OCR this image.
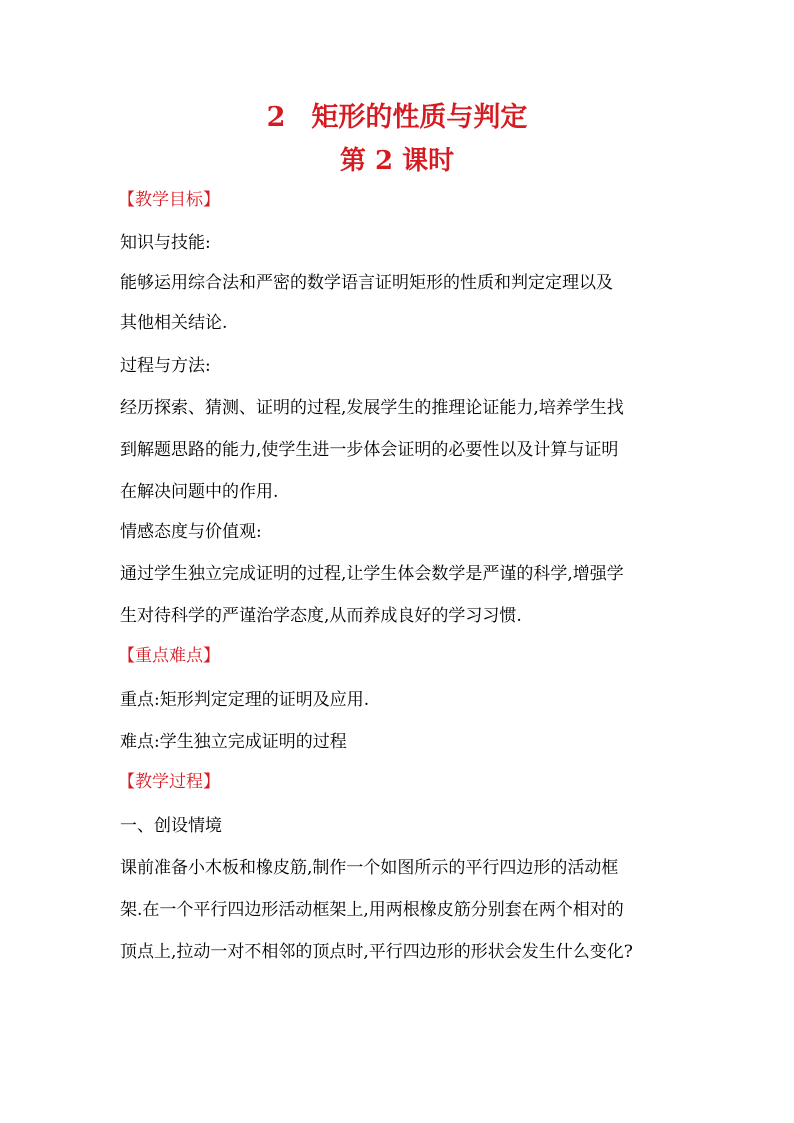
2 矩形的性质与判定
第 2 课时
【教学目标】
知识与技能:
能够运用综合法和严密的数学语言证明矩形的性质和判定定理以及
其他相关结论.
过程与方法:
经历探索、猜测、证明的过程,发展学生的推理论证能力,培养学生找
到解题思路的能力,使学生进一步体会证明的必要性以及计算与证明
在解决问题中的作用.
情感态度与价值观:
通过学生独立完成证明的过程,让学生体会数学是严谨的科学,增强学
生对待科学的严谨治学态度,从而养成良好的学习习惯.
【重点难点】
重点:矩形判定定理的证明及应用.
难点:学生独立完成证明的过程
【教学过程】
一、创设情境
课前准备小木板和橡皮筋,制作一个如图所示的平行四边形的活动框
架.在一个平行四边形活动框架上,用两根橡皮筋分别套在两个相对的
顶点上,拉动一对不相邻的顶点时,平行四边形的形状会发生什么变化?
